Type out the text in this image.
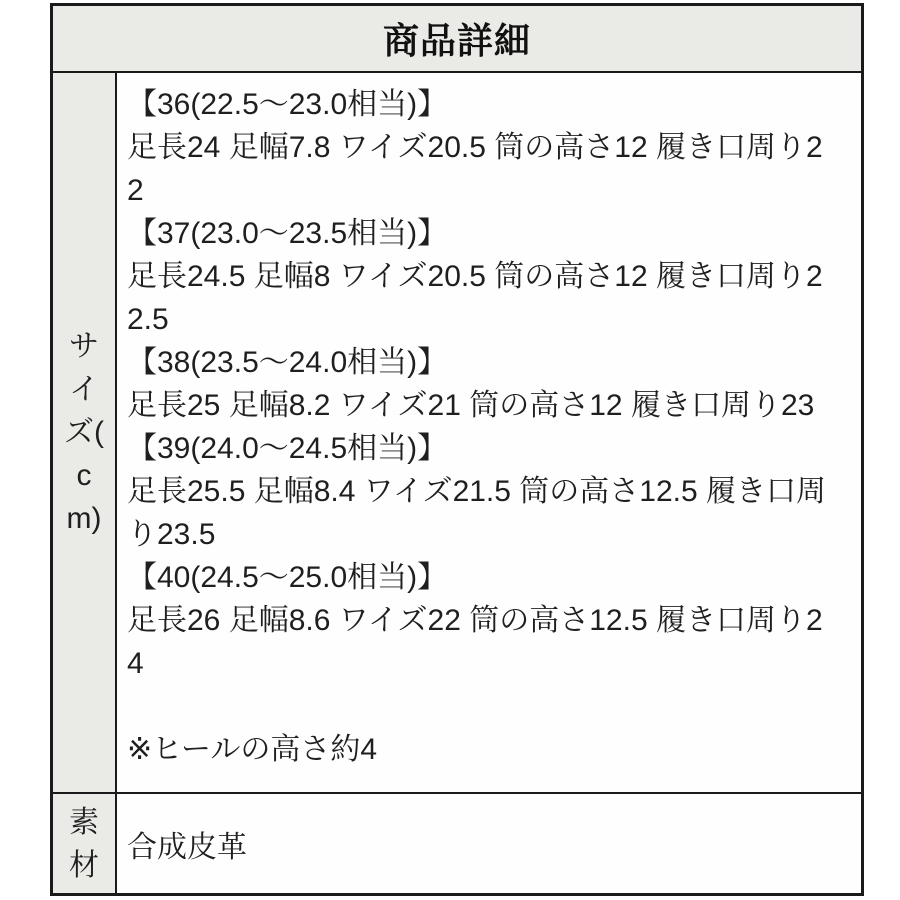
商品詳細
サ
イ
ズ(
c
m)
【36(22.5〜23.0相当)】
足長24 足幅7.8 ワイズ20.5 筒の高さ12 履き口周り2
2
【37(23.0〜23.5相当)】
足長24.5 足幅8 ワイズ20.5 筒の高さ12 履き口周り2
2.5
【38(23.5〜24.0相当)】
足長25 足幅8.2 ワイズ21 筒の高さ12 履き口周り23
【39(24.0〜24.5相当)】
足長25.5 足幅8.4 ワイズ21.5 筒の高さ12.5 履き口周
り23.5
【40(24.5〜25.0相当)】
足長26 足幅8.6 ワイズ22 筒の高さ12.5 履き口周り2
4
※ヒールの高さ約4
素
材
合成皮革
